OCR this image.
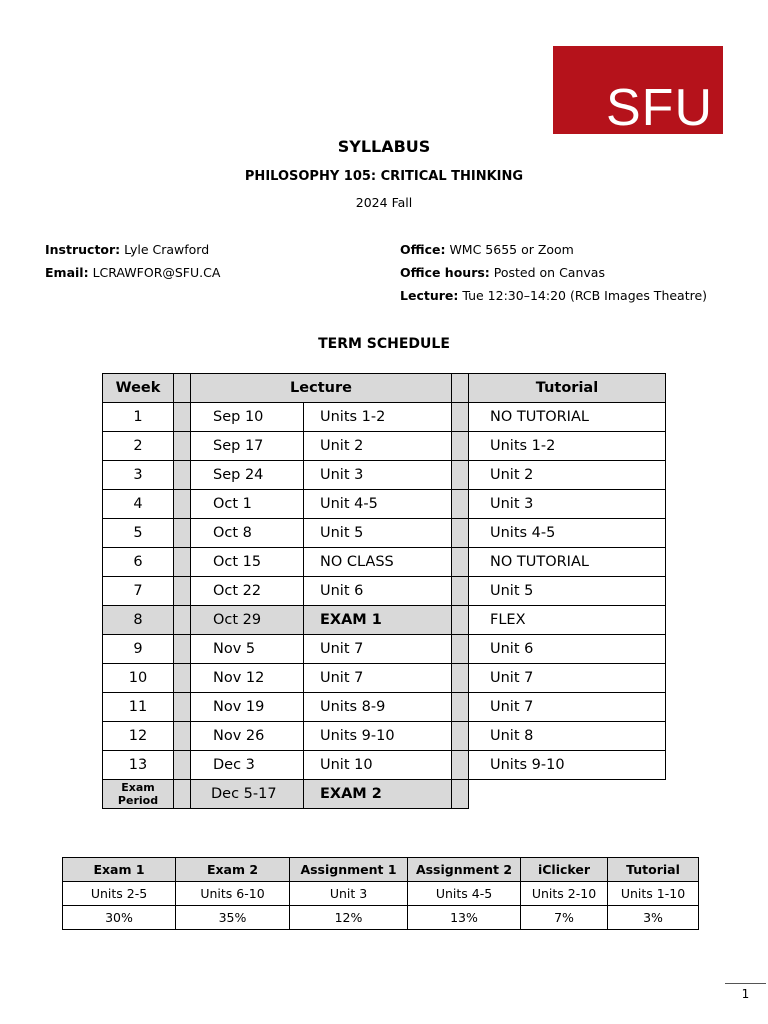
SFU
SYLLABUS
PHILOSOPHY 105: CRITICAL THINKING
2024 Fall
Instructor: Lyle Crawford
Email: LCRAWFOR@SFU.CA
Office: WMC 5655 or Zoom
Office hours: Posted on Canvas
Lecture: Tue 12:30–14:20 (RCB Images Theatre)
TERM SCHEDULE
Week		Lecture			Tutorial
1		Sep 10	Units 1-2		NO TUTORIAL
2		Sep 17	Unit 2		Units 1-2
3		Sep 24	Unit 3		Unit 2
4		Oct 1	Unit 4-5		Unit 3
5		Oct 8	Unit 5		Units 4-5
6		Oct 15	NO CLASS		NO TUTORIAL
7		Oct 22	Unit 6		Unit 5
8		Oct 29	EXAM 1		FLEX
9		Nov 5	Unit 7		Unit 6
10		Nov 12	Unit 7		Unit 7
11		Nov 19	Units 8-9		Unit 7
12		Nov 26	Units 9-10		Unit 8
13		Dec 3	Unit 10		Units 9-10

Exam
Period		Dec 5-17	EXAM 2		
Exam 1	Exam 2	Assignment 1	Assignment 2	iClicker	Tutorial
Units 2-5	Units 6-10	Unit 3	Units 4-5	Units 2-10	Units 1-10
30%	35%	12%	13%	7%	3%
1
